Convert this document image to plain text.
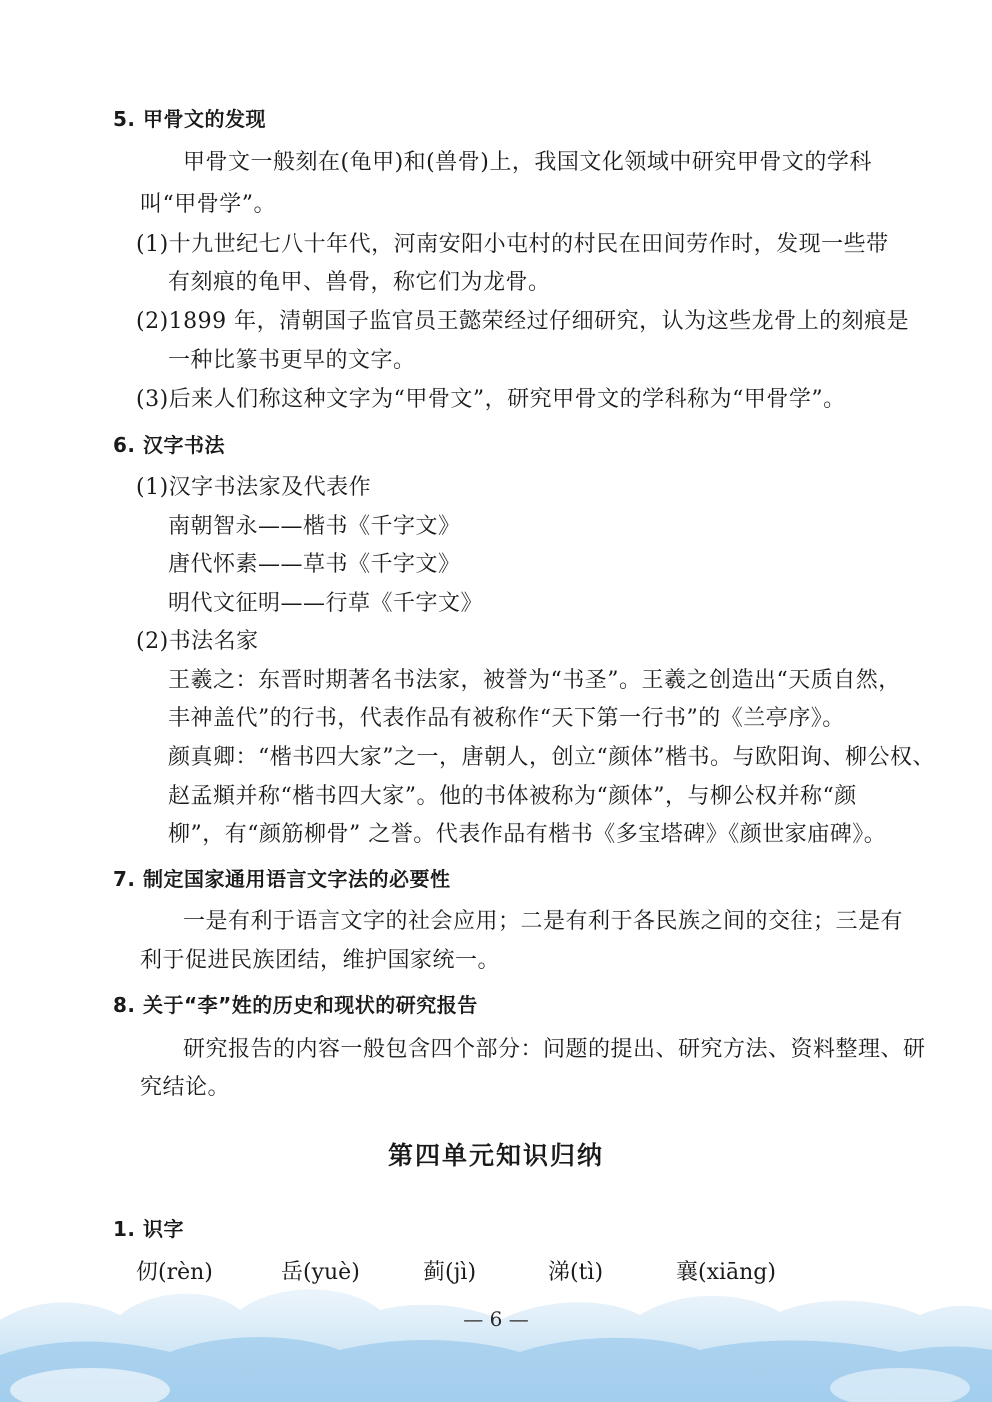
5. 甲骨文的发现
甲骨文一般刻在(龟甲)和(兽骨)上，我国文化领域中研究甲骨文的学科
叫“甲骨学”。
(1)十九世纪七八十年代，河南安阳小屯村的村民在田间劳作时，发现一些带
有刻痕的龟甲、兽骨，称它们为龙骨。
(2)1899 年，清朝国子监官员王懿荣经过仔细研究，认为这些龙骨上的刻痕是
一种比篆书更早的文字。
(3)后来人们称这种文字为“甲骨文”，研究甲骨文的学科称为“甲骨学”。
6. 汉字书法
(1)汉字书法家及代表作
南朝智永——楷书《千字文》
唐代怀素——草书《千字文》
明代文征明——行草《千字文》
(2)书法名家
王羲之：东晋时期著名书法家，被誉为“书圣”。王羲之创造出“天质自然，
丰神盖代”的行书，代表作品有被称作“天下第一行书”的《兰亭序》。
颜真卿：“楷书四大家”之一，唐朝人，创立“颜体”楷书。与欧阳询、柳公权、
赵孟頫并称“楷书四大家”。他的书体被称为“颜体”，与柳公权并称“颜
柳”，有“颜筋柳骨” 之誉。代表作品有楷书《多宝塔碑》《颜世家庙碑》。
7. 制定国家通用语言文字法的必要性
一是有利于语言文字的社会应用；二是有利于各民族之间的交往；三是有
利于促进民族团结，维护国家统一。
8. 关于“李”姓的历史和现状的研究报告
研究报告的内容一般包含四个部分：问题的提出、研究方法、资料整理、研
究结论。
第四单元知识归纳
1. 识字
仞(rèn)	岳(yuè)	蓟(jì)	涕(tì)	襄(xiāng)
— 6 —
